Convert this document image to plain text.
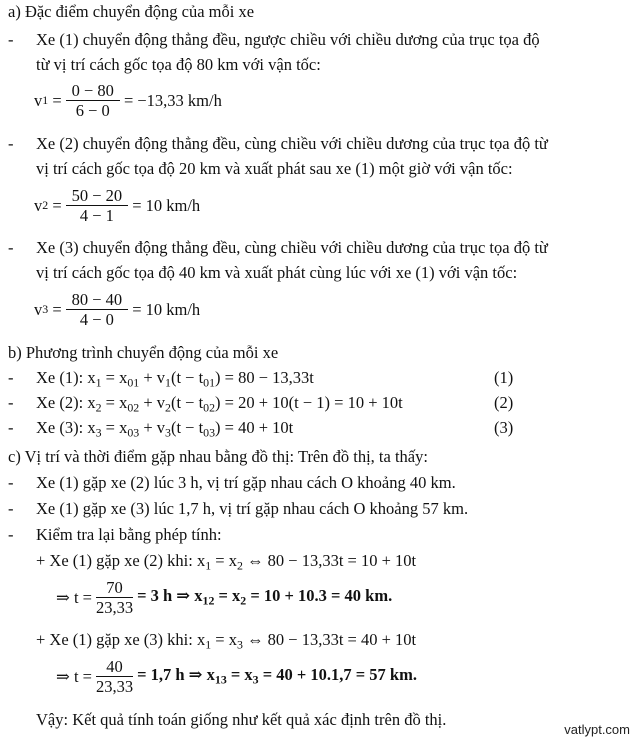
a) Đặc điểm chuyển động của mỗi xe
- Xe (1) chuyển động thẳng đều, ngược chiều với chiều dương của trục tọa độ
từ vị trí cách gốc tọa độ 80 km với vận tốc:
v $1 = \frac{0 - 80}{6 - 0} = -13,33$ km/h
- Xe (2) chuyển động thẳng đều, cùng chiều với chiều dương của trục tọa độ từ
vị trí cách gốc tọa độ 20 km và xuất phát sau xe (1) một giờ với vận tốc:
v $2 = \frac{50 - 20}{4 - 1} = 10$ km/h
- Xe (3) chuyển động thẳng đều, cùng chiều với chiều dương của trục tọa độ từ
vị trí cách gốc tọa độ 40 km và xuất phát cùng lúc với xe (1) với vận tốc:
v $3 = \frac{80 - 40}{4 - 0} = 10$ km/h
b) Phương trình chuyển động của mỗi xe
- Xe (1): $x_1 = x_{01} + v_1(t - t_{01}) = 80 - 13,33t$	(1)
- Xe (2): $x_2 = x_{02} + v_2(t - t_{02}) = 20 + 10(t - 1) = 10 + 10t$	(2)
- Xe (3): $x_3 = x_{03} + v_3(t - t_{03}) = 40 + 10t$	(3)
c) Vị trí và thời điểm gặp nhau bằng đồ thị: Trên đồ thị, ta thấy:
- Xe (1) gặp xe (2) lúc 3 h, vị trí gặp nhau cách O khoảng 40 km.
- Xe (1) gặp xe (3) lúc 1,7 h, vị trí gặp nhau cách O khoảng 57 km.
- Kiểm tra lại bằng phép tính:
+ Xe (1) gặp xe (2) khi: $x_1 = x_2$ ⇔ 80 − 13,33t = 10 + 10t
⇒ $t = \frac{70}{23,33} = 3$ h ⇒ $x_{12} = x_2 = 10 + 10.3 = 40$ km.
+ Xe (1) gặp xe (3) khi: $x_1 = x_3$ ⇔ 80 − 13,33t = 40 + 10t
⇒ $t = \frac{40}{23,33} = 1,7$ h ⇒ $x_{13} = x_3 = 40 + 10.1,7 = 57$ km.
Vậy: Kết quả tính toán giống như kết quả xác định trên đồ thị.
vatlypt.com
